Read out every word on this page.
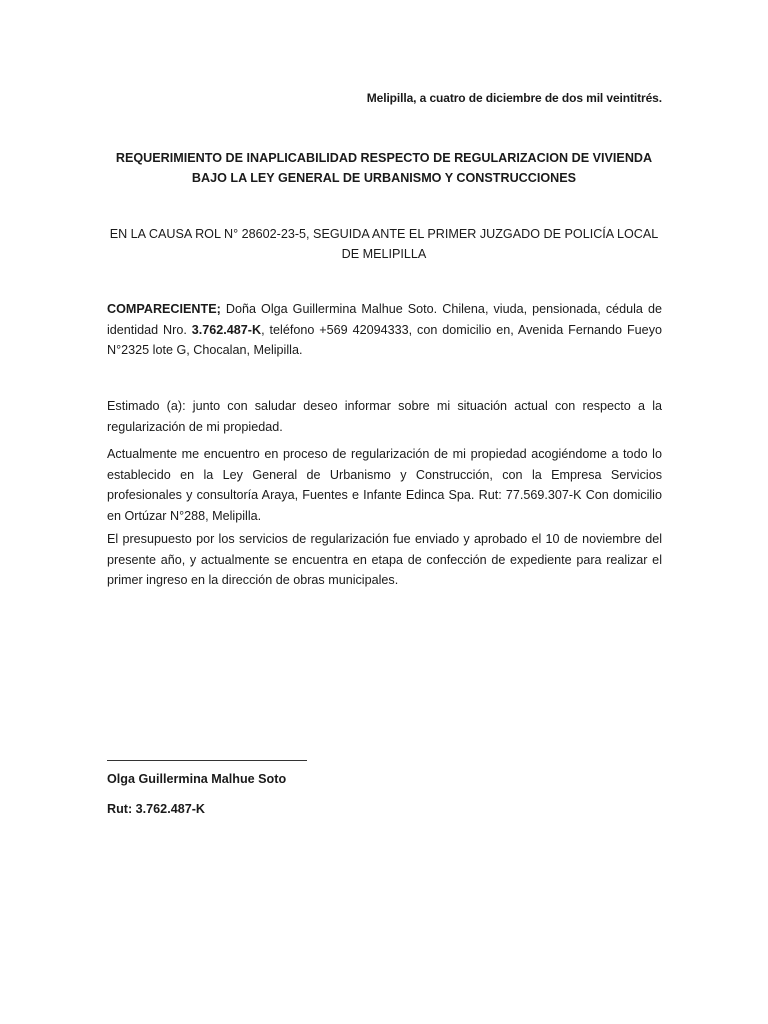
Melipilla, a cuatro de diciembre de dos mil veintitrés.
REQUERIMIENTO DE INAPLICABILIDAD RESPECTO DE REGULARIZACION DE VIVIENDA BAJO LA LEY GENERAL DE URBANISMO Y CONSTRUCCIONES
EN LA CAUSA ROL N° 28602-23-5, SEGUIDA ANTE EL PRIMER JUZGADO DE POLICÍA LOCAL DE MELIPILLA
COMPARECIENTE; Doña Olga Guillermina Malhue Soto. Chilena, viuda, pensionada, cédula de identidad Nro. 3.762.487-K, teléfono +569 42094333, con domicilio en, Avenida Fernando Fueyo N°2325 lote G, Chocalan, Melipilla.
Estimado (a): junto con saludar deseo informar sobre mi situación actual con respecto a la regularización de mi propiedad.
Actualmente me encuentro en proceso de regularización de mi propiedad acogiéndome a todo lo establecido en la Ley General de Urbanismo y Construcción, con la Empresa Servicios profesionales y consultoría Araya, Fuentes e Infante Edinca Spa. Rut: 77.569.307-K Con domicilio en Ortúzar N°288, Melipilla.
El presupuesto por los servicios de regularización fue enviado y aprobado el 10 de noviembre del presente año, y actualmente se encuentra en etapa de confección de expediente para realizar el primer ingreso en la dirección de obras municipales.
Olga Guillermina Malhue Soto
Rut: 3.762.487-K
